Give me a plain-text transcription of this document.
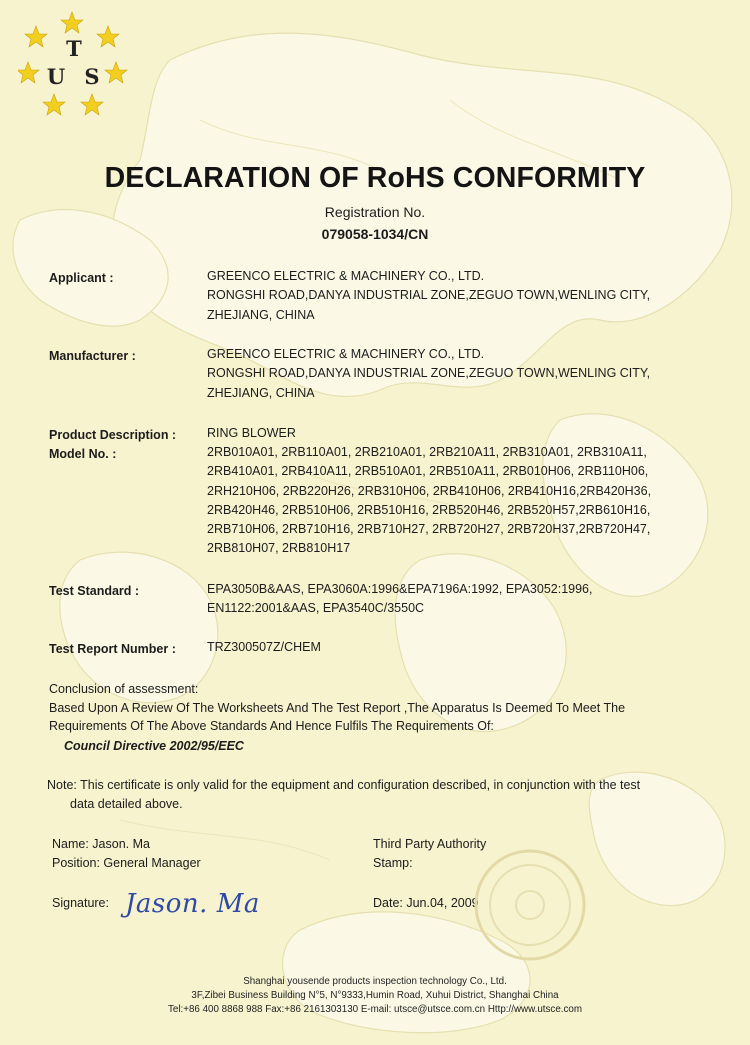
T
U S
DECLARATION OF RoHS CONFORMITY
Registration No.
079058-1034/CN
Applicant :	GREENCO ELECTRIC & MACHINERY CO., LTD.
RONGSHI ROAD,DANYA INDUSTRIAL ZONE,ZEGUO TOWN,WENLING CITY,
ZHEJIANG, CHINA
Manufacturer :	GREENCO ELECTRIC & MACHINERY CO., LTD.
RONGSHI ROAD,DANYA INDUSTRIAL ZONE,ZEGUO TOWN,WENLING CITY,
ZHEJIANG, CHINA
Product Description : RING BLOWER
Model No. :	2RB010A01, 2RB110A01, 2RB210A01, 2RB210A11, 2RB310A01, 2RB310A11,
2RB410A01, 2RB410A11, 2RB510A01, 2RB510A11, 2RB010H06, 2RB110H06,
2RH210H06, 2RB220H26, 2RB310H06, 2RB410H06, 2RB410H16,2RB420H36,
2RB420H46, 2RB510H06, 2RB510H16, 2RB520H46, 2RB520H57,2RB610H16,
2RB710H06, 2RB710H16, 2RB710H27, 2RB720H27, 2RB720H37,2RB720H47,
2RB810H07, 2RB810H17
Test Standard :	EPA3050B&AAS, EPA3060A:1996&EPA7196A:1992, EPA3052:1996,
EN1122:2001&AAS, EPA3540C/3550C
Test Report Number : TRZ300507Z/CHEM
Conclusion of assessment:
Based Upon A Review Of The Worksheets And The Test Report ,The Apparatus Is Deemed To Meet The
Requirements Of The Above Standards And Hence Fulfils The Requirements Of:
Council Directive 2002/95/EEC
Note: This certificate is only valid for the equipment and configuration described, in conjunction with the test
data detailed above.
Name: Jason. Ma
Position: General Manager
Signature: Jason. Ma
Third Party Authority
Stamp:
Date: Jun.04, 2009
Shanghai yousende products inspection technology Co., Ltd.
3F,Zibei Business Building N°5, N°9333,Humin Road, Xuhui District, Shanghai China
Tel:+86 400 8868 988 Fax:+86 2161303130 E-mail: utsce@utsce.com.cn Http://www.utsce.com
